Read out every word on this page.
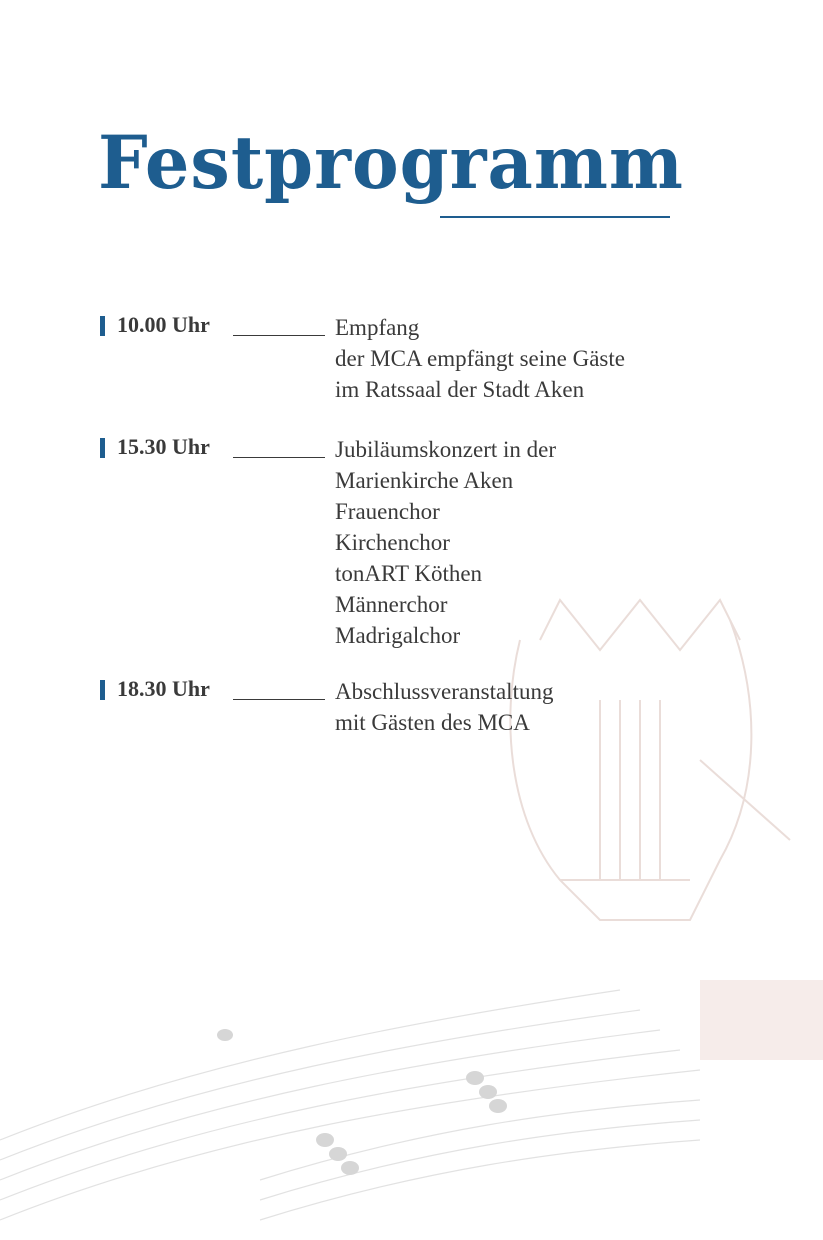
Festprogramm
10.00 Uhr	Empfang
der MCA empfängt seine Gäste
im Ratssaal der Stadt Aken
15.30 Uhr	Jubiläumskonzert in der
Marienkirche Aken
Frauenchor
Kirchenchor
tonART Köthen
Männerchor
Madrigalchor
18.30 Uhr	Abschlussveranstaltung
mit Gästen des MCA
